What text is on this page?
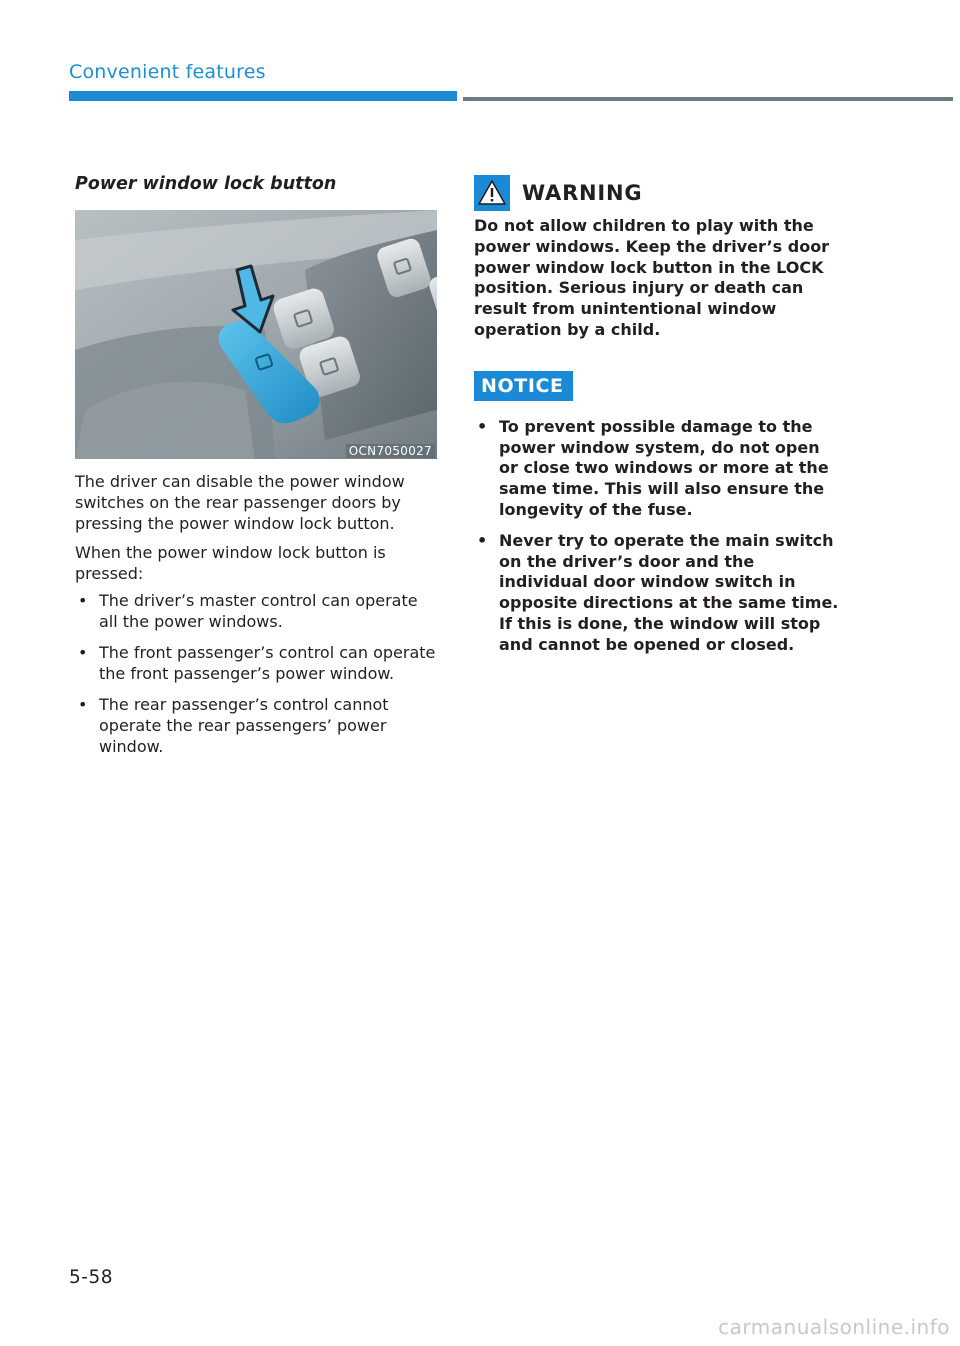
Convenient features
Power window lock button
OCN7050027

The driver can disable the power window switches on the rear passenger doors by pressing the power window lock button.

When the power window lock button is pressed:

• The driver’s master control can operate all the power windows.
• The front passenger’s control can operate the front passenger’s power window.
• The rear passenger’s control cannot operate the rear passengers’ power window.
WARNING

Do not allow children to play with the power windows. Keep the driver’s door power window lock button in the LOCK position. Serious injury or death can result from unintentional window operation by a child.

NOTICE
• To prevent possible damage to the power window system, do not open or close two windows or more at the same time. This will also ensure the longevity of the fuse.
• Never try to operate the main switch on the driver’s door and the individual door window switch in opposite directions at the same time. If this is done, the window will stop and cannot be opened or closed.
5-58
carmanualsonline.info
